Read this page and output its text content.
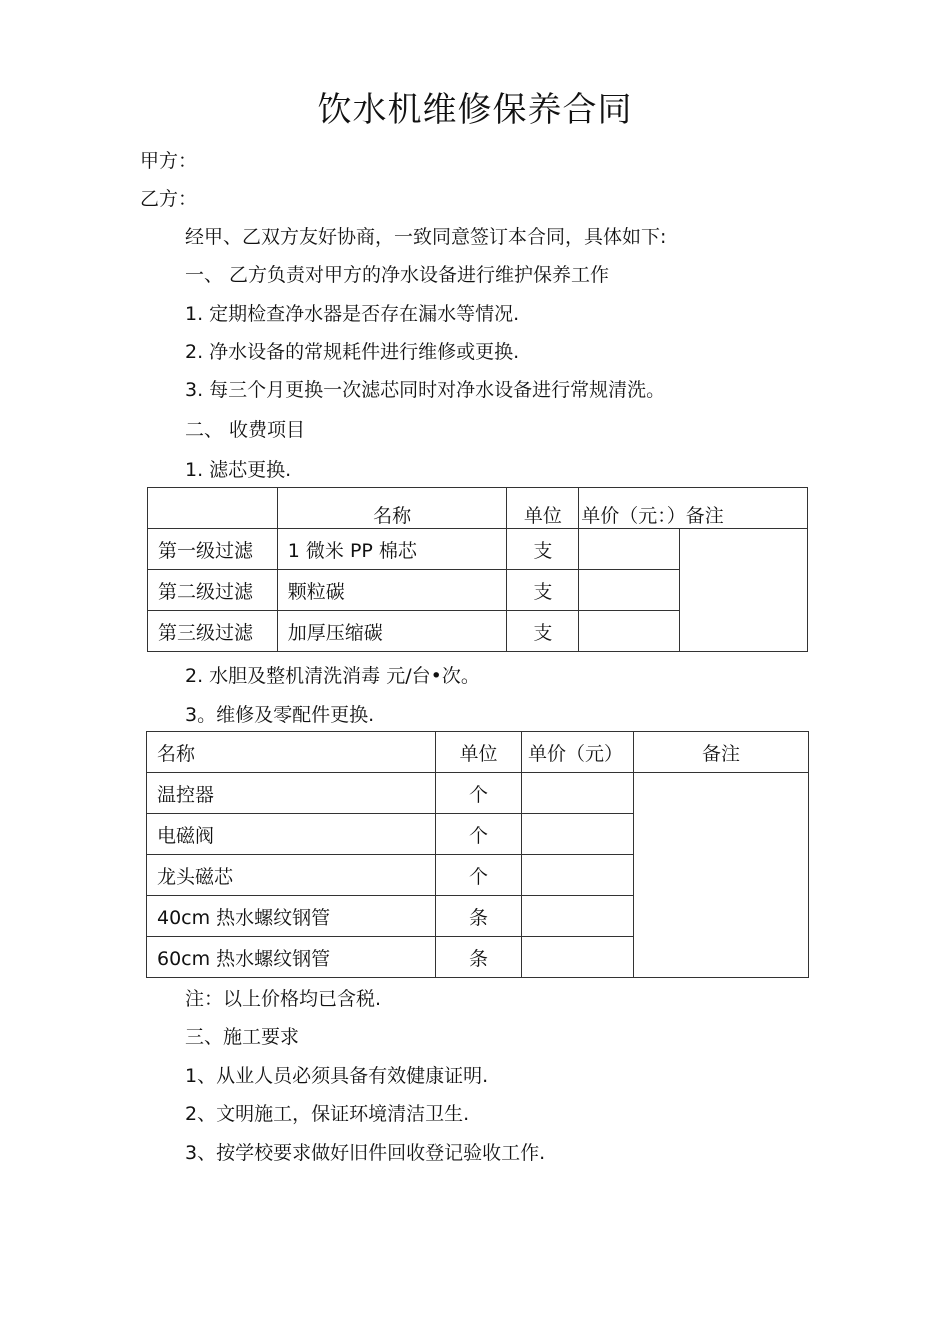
饮水机维修保养合同
甲方：
乙方：
经甲、乙双方友好协商，一致同意签订本合同，具体如下:
一、 乙方负责对甲方的净水设备进行维护保养工作
1. 定期检查净水器是否存在漏水等情况.
2. 净水设备的常规耗件进行维修或更换.
3. 每三个月更换一次滤芯同时对净水设备进行常规清洗。
二、 收费项目
1. 滤芯更换.
	名称	单位	单价（元：）备注	
第一级过滤	1 微米 PP 棉芯	支		
第二级过滤	颗粒碳	支		
第三级过滤	加厚压缩碳	支		
2. 水胆及整机清洗消毒 元/台•次。
3。维修及零配件更换.
名称	单位	单价（元）	备注
温控器	个		
电磁阀	个		
龙头磁芯	个		
40cm 热水螺纹钢管	条		
60cm 热水螺纹钢管	条		
注：以上价格均已含税.
三、施工要求
1、从业人员必须具备有效健康证明.
2、文明施工，保证环境清洁卫生.
3、按学校要求做好旧件回收登记验收工作.
